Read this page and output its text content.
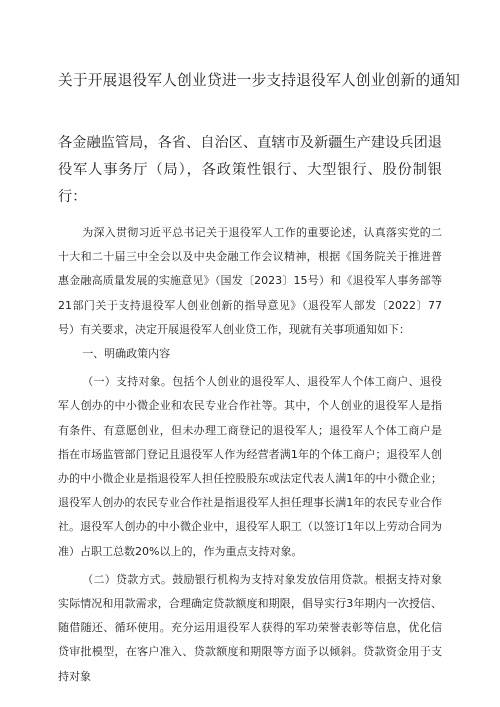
关于开展退役军人创业贷进一步支持退役军人创业创新的通知

各金融监管局，各省、自治区、直辖市及新疆生产建设兵团退役军人事务厅（局），各政策性银行、大型银行、股份制银行：

为深入贯彻习近平总书记关于退役军人工作的重要论述，认真落实党的二十大和二十届三中全会以及中央金融工作会议精神，根据《国务院关于推进普惠金融高质量发展的实施意见》（国发〔2023〕15号）和《退役军人事务部等21部门关于支持退役军人创业创新的指导意见》（退役军人部发〔2022〕77号）有关要求，决定开展退役军人创业贷工作，现就有关事项通知如下：

一、明确政策内容

（一）支持对象。包括个人创业的退役军人、退役军人个体工商户、退役军人创办的中小微企业和农民专业合作社等。其中，个人创业的退役军人是指有条件、有意愿创业，但未办理工商登记的退役军人；退役军人个体工商户是指在市场监管部门登记且退役军人作为经营者满1年的个体工商户；退役军人创办的中小微企业是指退役军人担任控股股东或法定代表人满1年的中小微企业；退役军人创办的农民专业合作社是指退役军人担任理事长满1年的农民专业合作社。退役军人创办的中小微企业中，退役军人职工（以签订1年以上劳动合同为准）占职工总数20%以上的，作为重点支持对象。

（二）贷款方式。鼓励银行机构为支持对象发放信用贷款。根据支持对象实际情况和用款需求，合理确定贷款额度和期限，倡导实行3年期内一次授信、随借随还、循环使用。充分运用退役军人获得的军功荣誉表彰等信息，优化信贷审批模型，在客户准入、贷款额度和期限等方面予以倾斜。贷款资金用于支持对象
